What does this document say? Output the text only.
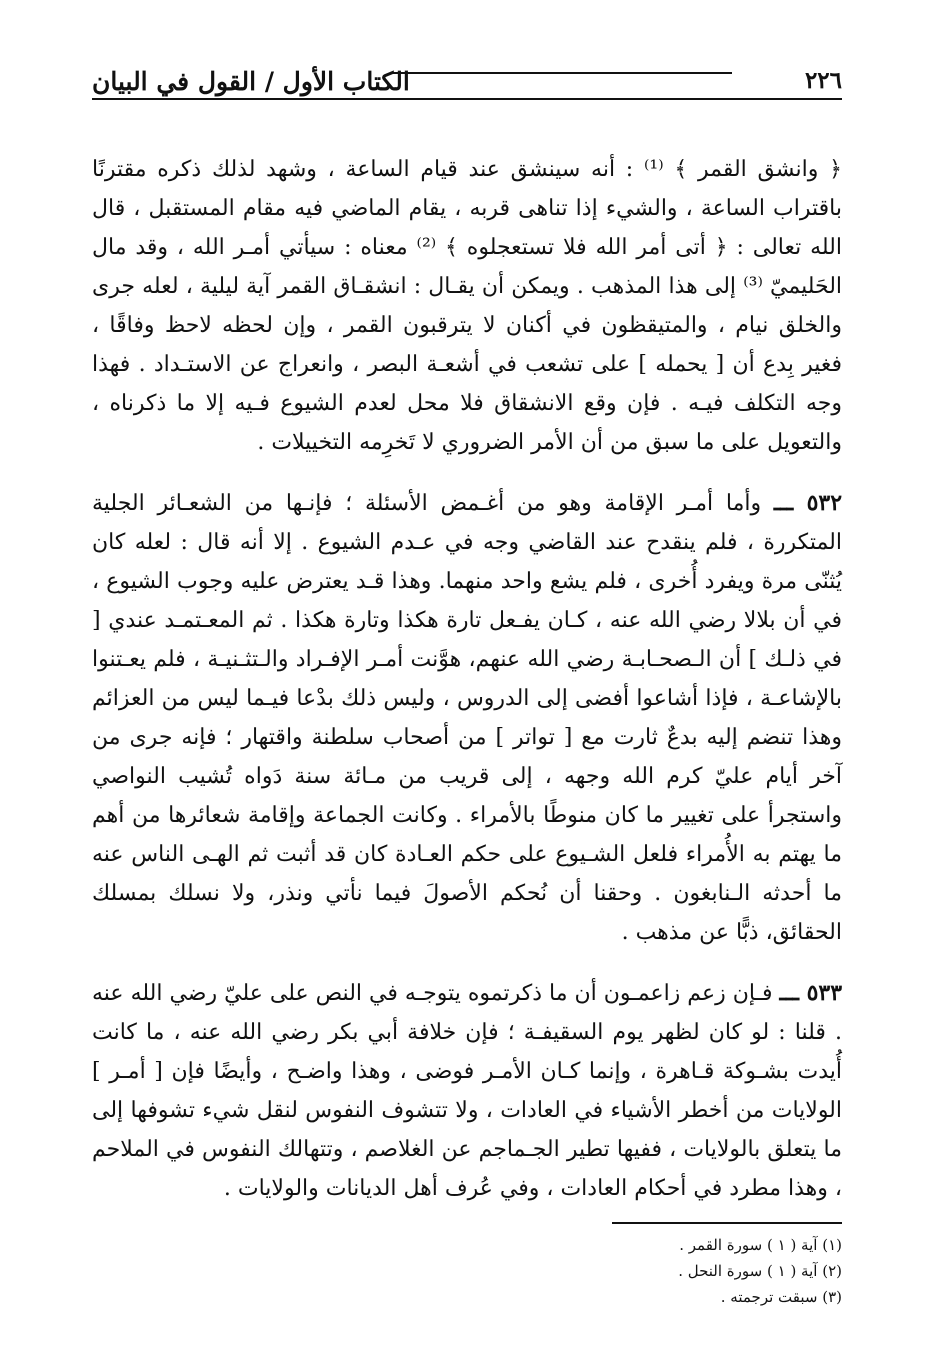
٢٢٦
الكتاب الأول / القول في البيان

﴿ وانشق القمر ﴾ ⁽¹⁾ : أنه سينشق عند قيام الساعة ، وشهد لذلك ذكره مقترنًا باقتراب الساعة ، والشيء إذا تناهى قربه ، يقام الماضي فيه مقام المستقبل ، قال الله تعالى : ﴿ أتى أمر الله فلا تستعجلوه ﴾ ⁽²⁾ معناه : سيأتي أمـر الله ، وقد مال الحَليميّ ⁽³⁾ إلى هذا المذهب . ويمكن أن يقـال : انشقـاق القمر آية ليلية ، لعله جرى والخلق نيام ، والمتيقظون في أكنان لا يترقبون القمر ، وإن لحظه لاحظ وفاقًا ، فغير بِدع أن [ يحمله ] على تشعب في أشعـة البصر ، وانعراج عن الاستـداد . فهذا وجه التكلف فيـه . فإن وقع الانشقاق فلا محل لعدم الشيوع فـيه إلا ما ذكرناه ، والتعويل على ما سبق من أن الأمر الضروري لا تَخرِمه التخييلات .

٥٣٢ ـــ وأما أمـر الإقامة وهو من أغـمض الأسئلة ؛ فإنـها من الشعـائر الجلية المتكررة ، فلم ينقدح عند القاضي وجه في عـدم الشيوع . إلا أنه قال : لعله كان يُثنّى مرة ويفرد أُخرى ، فلم يشع واحد منهما. وهذا قـد يعترض عليه وجوب الشيوع ، في أن بلالا رضي الله عنه ، كـان يفـعل تارة هكذا وتارة هكذا . ثم المعـتمـد عندي [ في ذلـك ] أن الـصحـابـة رضي الله عنهم، هوَّنت أمـر الإفـراد والـتثـنيـة ، فلم يعـتنوا بالإشاعـة ، فإذا أشاعوا أفضى إلى الدروس ، وليس ذلك بدْعا فيـما ليس من العزائم وهذا تنضم إليه بدعٌ ثارت مع [ تواتر ] من أصحاب سلطنة واقتهار ؛ فإنه جرى من آخر أيام عليّ كرم الله وجهه ، إلى قريب من مـائة سنة دَواه تُشيب النواصي واستجرأ على تغيير ما كان منوطًا بالأمراء . وكانت الجماعة وإقامة شعائرها من أهم ما يهتم به الأُمراء فلعل الشـيوع على حكم العـادة كان قد أثبت ثم الهـى الناس عنه ما أحدثه الـنابغون . وحقنا أن نُحكم الأصولَ فيما نأتي ونذر، ولا نسلك بمسلك الحقائق، ذبًّا عن مذهب .

٥٣٣ ـــ فـإن زعم زاعمـون أن ما ذكرتموه يتوجـه في النص على عليّ رضي الله عنه . قلنا : لو كان لظهر يوم السقيفـة ؛ فإن خلافة أبي بكر رضي الله عنه ، ما كانت أُيدت بشـوكة قـاهرة ، وإنما كـان الأمـر فوضى ، وهذا واضـح ، وأيضًا فإن [ أمـر ] الولايات من أخطر الأشياء في العادات ، ولا تتشوف النفوس لنقل شيء تشوفها إلى ما يتعلق بالولايات ، ففيها تطير الجـماجم عن الغلاصم ، وتتهالك النفوس في الملاحم ، وهذا مطرد في أحكام العادات ، وفي عُرف أهل الديانات والولايات .

(١) آية ( ١ ) سورة القمر .

(٢) آية ( ١ ) سورة النحل .

(٣) سبقت ترجمته .
